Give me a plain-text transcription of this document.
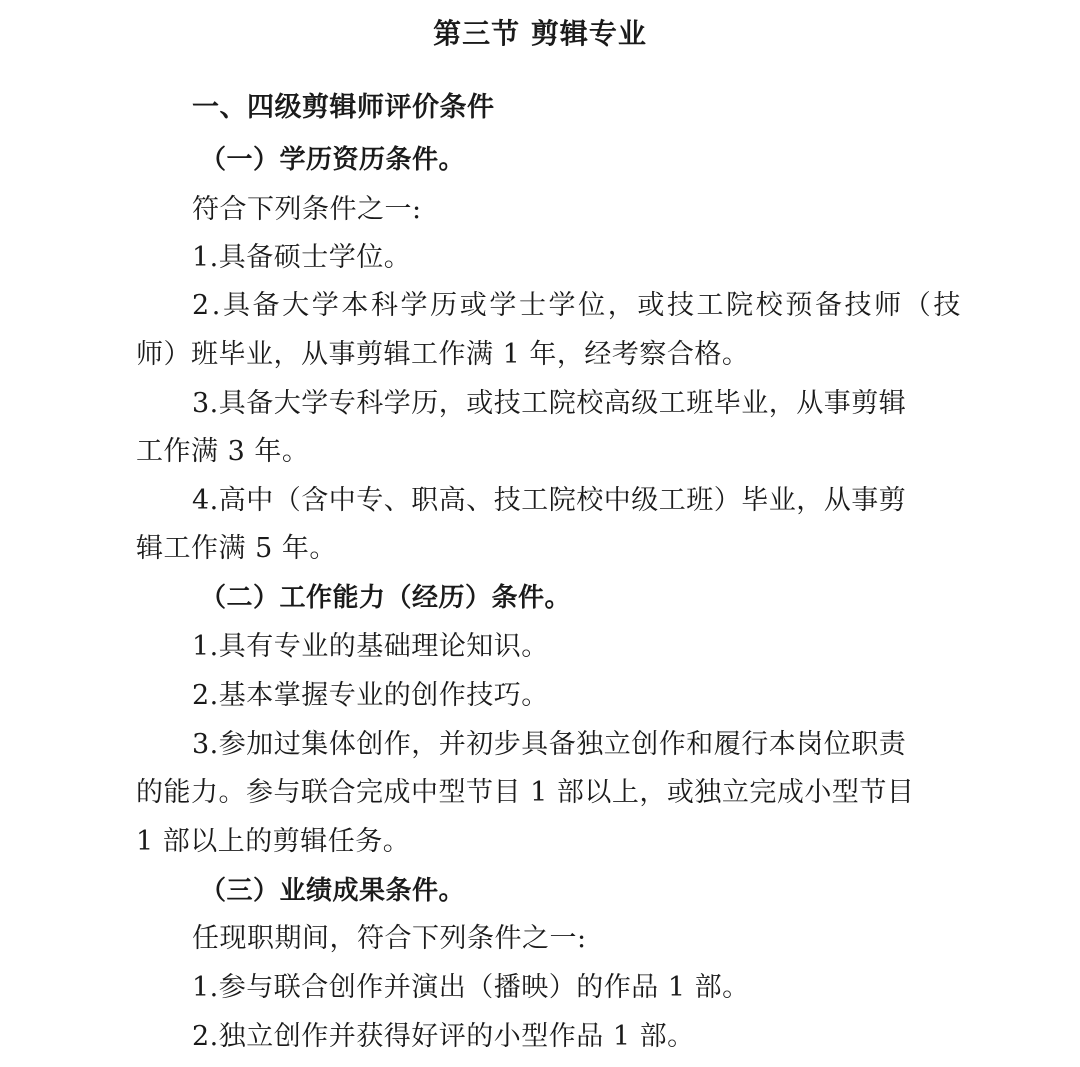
第三节 剪辑专业
一、四级剪辑师评价条件
（一）学历资历条件。
符合下列条件之一:
1.具备硕士学位。
2.具备大学本科学历或学士学位，或技工院校预备技师（技
师）班毕业，从事剪辑工作满 1 年，经考察合格。
3.具备大学专科学历，或技工院校高级工班毕业，从事剪辑
工作满 3 年。
4.高中（含中专、职高、技工院校中级工班）毕业，从事剪
辑工作满 5 年。
（二）工作能力（经历）条件。
1.具有专业的基础理论知识。
2.基本掌握专业的创作技巧。
3.参加过集体创作，并初步具备独立创作和履行本岗位职责
的能力。参与联合完成中型节目 1 部以上，或独立完成小型节目
1 部以上的剪辑任务。
（三）业绩成果条件。
任现职期间，符合下列条件之一:
1.参与联合创作并演出（播映）的作品 1 部。
2.独立创作并获得好评的小型作品 1 部。
